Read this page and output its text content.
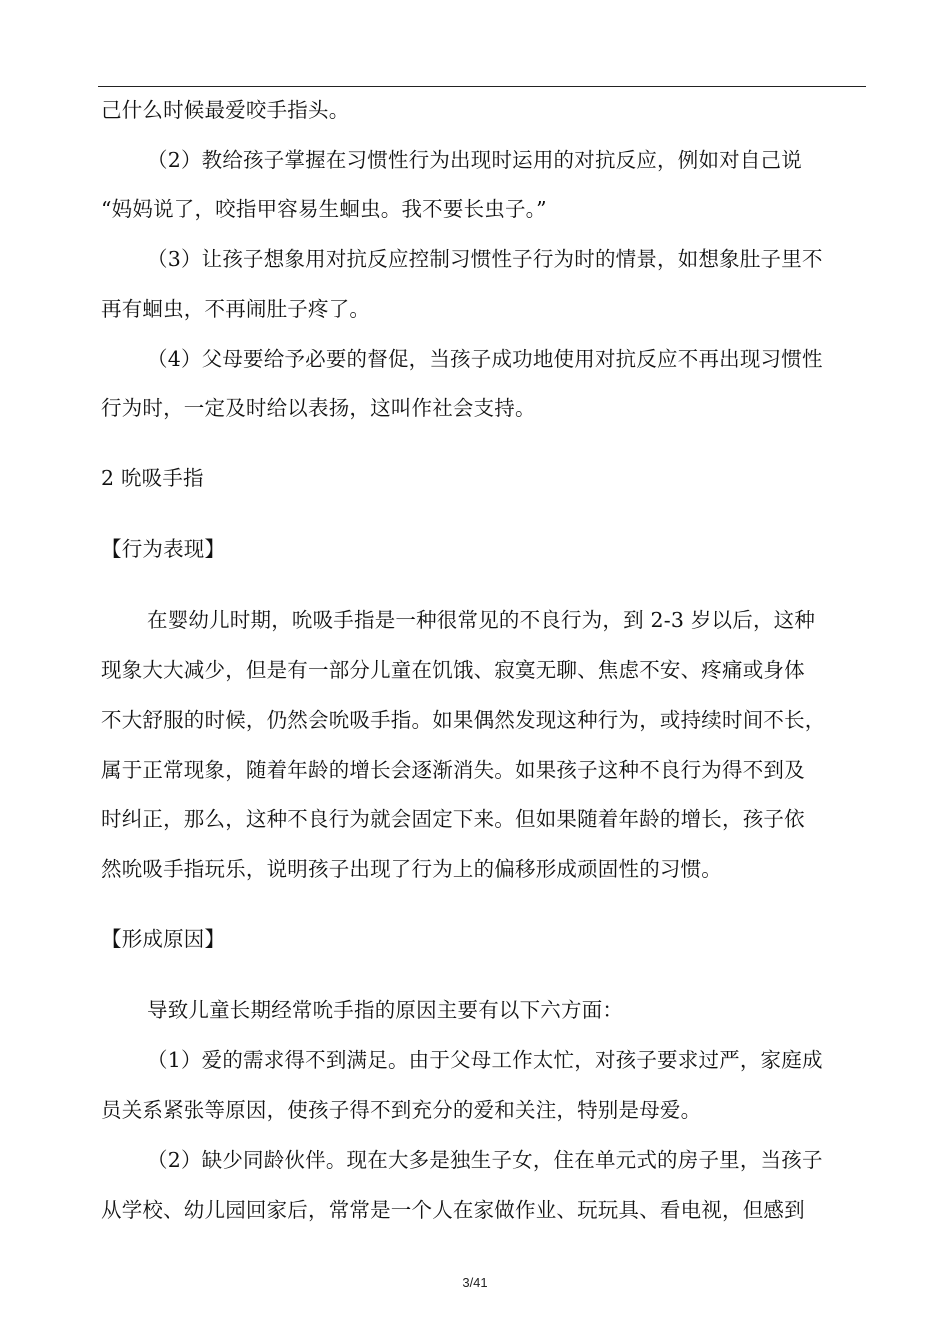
己什么时候最爱咬手指头。
（2）教给孩子掌握在习惯性行为出现时运用的对抗反应，例如对自己说
“妈妈说了，咬指甲容易生蛔虫。我不要长虫子。”
（3）让孩子想象用对抗反应控制习惯性子行为时的情景，如想象肚子里不
再有蛔虫，不再闹肚子疼了。
（4）父母要给予必要的督促，当孩子成功地使用对抗反应不再出现习惯性
行为时，一定及时给以表扬，这叫作社会支持。
2 吮吸手指
【行为表现】
在婴幼儿时期，吮吸手指是一种很常见的不良行为，到 2-3 岁以后，这种
现象大大减少，但是有一部分儿童在饥饿、寂寞无聊、焦虑不安、疼痛或身体
不大舒服的时候，仍然会吮吸手指。如果偶然发现这种行为，或持续时间不长，
属于正常现象，随着年龄的增长会逐渐消失。如果孩子这种不良行为得不到及
时纠正，那么，这种不良行为就会固定下来。但如果随着年龄的增长，孩子依
然吮吸手指玩乐，说明孩子出现了行为上的偏移形成顽固性的习惯。
【形成原因】
导致儿童长期经常吮手指的原因主要有以下六方面：
（1）爱的需求得不到满足。由于父母工作太忙，对孩子要求过严，家庭成
员关系紧张等原因，使孩子得不到充分的爱和关注，特别是母爱。
（2）缺少同龄伙伴。现在大多是独生子女，住在单元式的房子里，当孩子
从学校、幼儿园回家后，常常是一个人在家做作业、玩玩具、看电视，但感到
3/41
